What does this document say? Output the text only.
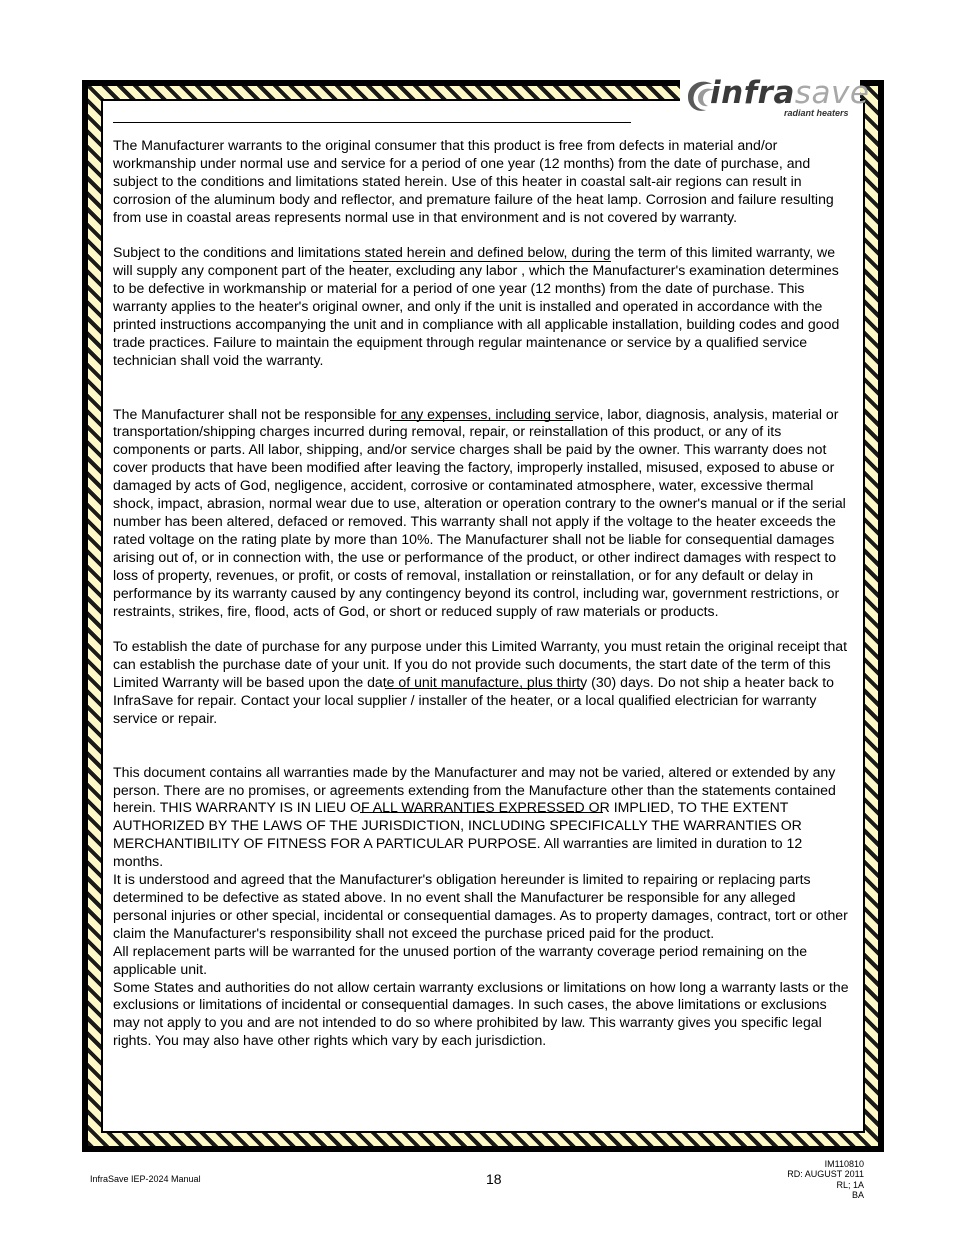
infrasave
radiant heaters

The Manufacturer warrants to the original consumer that this product is free from defects in material and/or workmanship under normal use and service for a period of one year (12 months) from the date of purchase, and subject to the conditions and limitations stated herein. Use of this heater in coastal salt-air regions can result in corrosion of the aluminum body and reflector, and premature failure of the heat lamp. Corrosion and failure resulting from use in coastal areas represents normal use in that environment and is not covered by warranty.

Subject to the conditions and limitations stated herein and defined below, during the term of this limited warranty, we will supply any component part of the heater, excluding any labor , which the Manufacturer's examination determines to be defective in workmanship or material for a period of one year (12 months) from the date of purchase. This warranty applies to the heater's original owner, and only if the unit is installed and operated in accordance with the printed instructions accompanying the unit and in compliance with all applicable installation, building codes and good trade practices. Failure to maintain the equipment through regular maintenance or service by a qualified service technician shall void the warranty.

The Manufacturer shall not be responsible for any expenses, including service, labor, diagnosis, analysis, material or transportation/shipping charges incurred during removal, repair, or reinstallation of this product, or any of its components or parts. All labor, shipping, and/or service charges shall be paid by the owner. This warranty does not cover products that have been modified after leaving the factory, improperly installed, misused, exposed to abuse or damaged by acts of God, negligence, accident, corrosive or contaminated atmosphere, water, excessive thermal shock, impact, abrasion, normal wear due to use, alteration or operation contrary to the owner's manual or if the serial number has been altered, defaced or removed. This warranty shall not apply if the voltage to the heater exceeds the rated voltage on the rating plate by more than 10%. The Manufacturer shall not be liable for consequential damages arising out of, or in connection with, the use or performance of the product, or other indirect damages with respect to loss of property, revenues, or profit, or costs of removal, installation or reinstallation, or for any default or delay in performance by its warranty caused by any contingency beyond its control, including war, government restrictions, or restraints, strikes, fire, flood, acts of God, or short or reduced supply of raw materials or products.

To establish the date of purchase for any purpose under this Limited Warranty, you must retain the original receipt that can establish the purchase date of your unit. If you do not provide such documents, the start date of the term of this Limited Warranty will be based upon the date of unit manufacture, plus thirty (30) days. Do not ship a heater back to InfraSave for repair. Contact your local supplier / installer of the heater, or a local qualified electrician for warranty service or repair.

This document contains all warranties made by the Manufacturer and may not be varied, altered or extended by any person. There are no promises, or agreements extending from the Manufacture other than the statements contained herein. THIS WARRANTY IS IN LIEU OF ALL WARRANTIES EXPRESSED OR IMPLIED, TO THE EXTENT AUTHORIZED BY THE LAWS OF THE JURISDICTION, INCLUDING SPECIFICALLY THE WARRANTIES OR MERCHANTIBILITY OF FITNESS FOR A PARTICULAR PURPOSE. All warranties are limited in duration to 12 months.

It is understood and agreed that the Manufacturer's obligation hereunder is limited to repairing or replacing parts determined to be defective as stated above. In no event shall the Manufacturer be responsible for any alleged personal injuries or other special, incidental or consequential damages. As to property damages, contract, tort or other claim the Manufacturer's responsibility shall not exceed the purchase priced paid for the product.

All replacement parts will be warranted for the unused portion of the warranty coverage period remaining on the applicable unit.

Some States and authorities do not allow certain warranty exclusions or limitations on how long a warranty lasts or the exclusions or limitations of incidental or consequential damages. In such cases, the above limitations or exclusions may not apply to you and are not intended to do so where prohibited by law. This warranty gives you specific legal rights. You may also have other rights which vary by each jurisdiction.

InfraSave IEP-2024 Manual	18
IM110810
RD: AUGUST 2011
RL; 1A
BA
